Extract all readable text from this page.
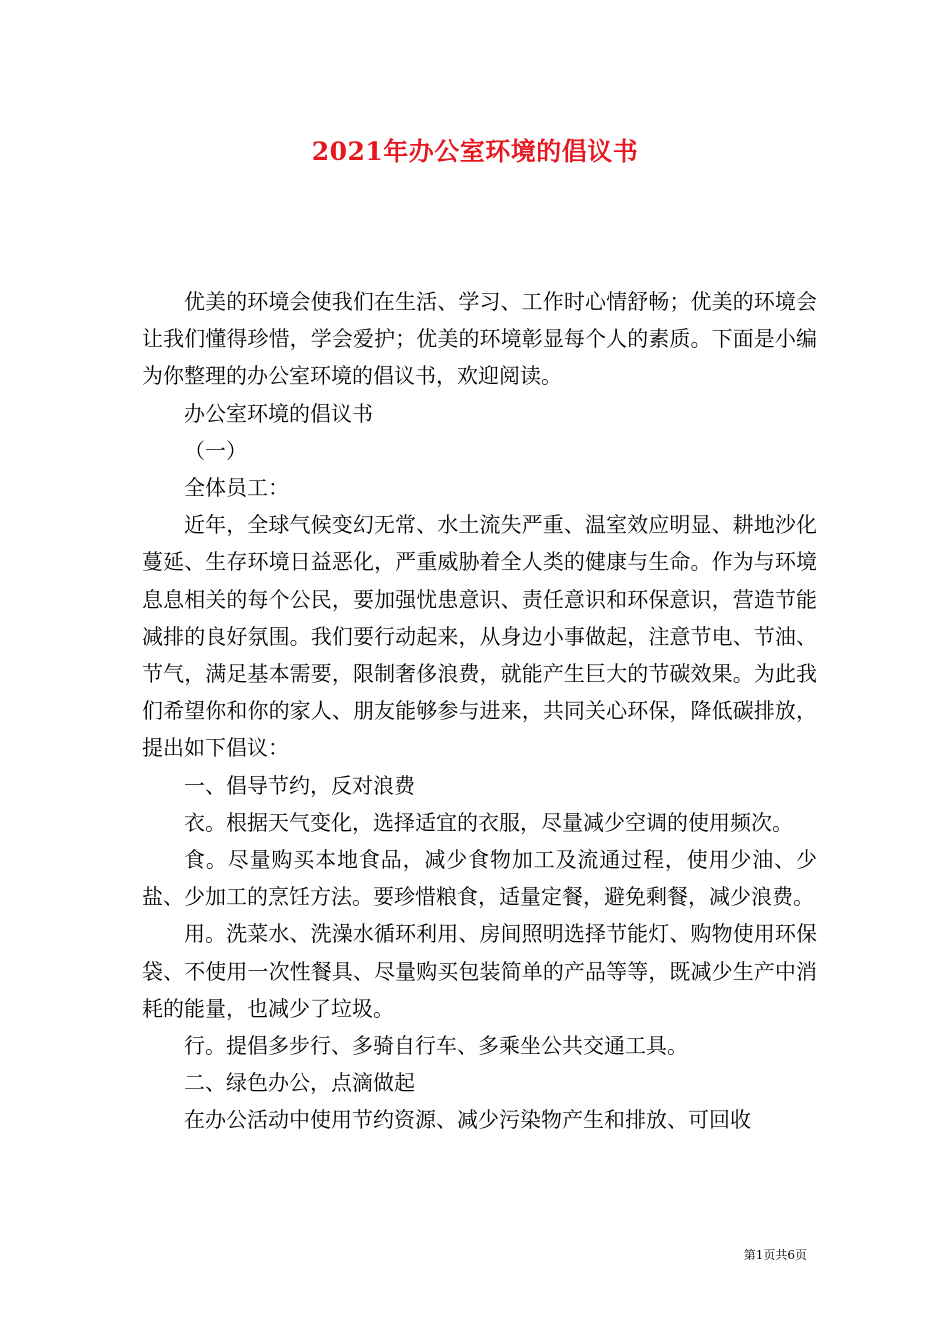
2021年办公室环境的倡议书

优美的环境会使我们在生活、学习、工作时心情舒畅；优美的环境会让我们懂得珍惜，学会爱护；优美的环境彰显每个人的素质。下面是小编为你整理的办公室环境的倡议书，欢迎阅读。

办公室环境的倡议书

（一）

全体员工：

近年，全球气候变幻无常、水土流失严重、温室效应明显、耕地沙化蔓延、生存环境日益恶化，严重威胁着全人类的健康与生命。作为与环境息息相关的每个公民，要加强忧患意识、责任意识和环保意识，营造节能减排的良好氛围。我们要行动起来，从身边小事做起，注意节电、节油、节气，满足基本需要，限制奢侈浪费，就能产生巨大的节碳效果。为此我们希望你和你的家人、朋友能够参与进来，共同关心环保，降低碳排放，提出如下倡议：

一、倡导节约，反对浪费

衣。根据天气变化，选择适宜的衣服，尽量减少空调的使用频次。

食。尽量购买本地食品，减少食物加工及流通过程，使用少油、少盐、少加工的烹饪方法。要珍惜粮食，适量定餐，避免剩餐，减少浪费。

用。洗菜水、洗澡水循环利用、房间照明选择节能灯、购物使用环保袋、不使用一次性餐具、尽量购买包装简单的产品等等，既减少生产中消耗的能量，也减少了垃圾。

行。提倡多步行、多骑自行车、多乘坐公共交通工具。

二、绿色办公，点滴做起

在办公活动中使用节约资源、减少污染物产生和排放、可回收

第1页共6页
